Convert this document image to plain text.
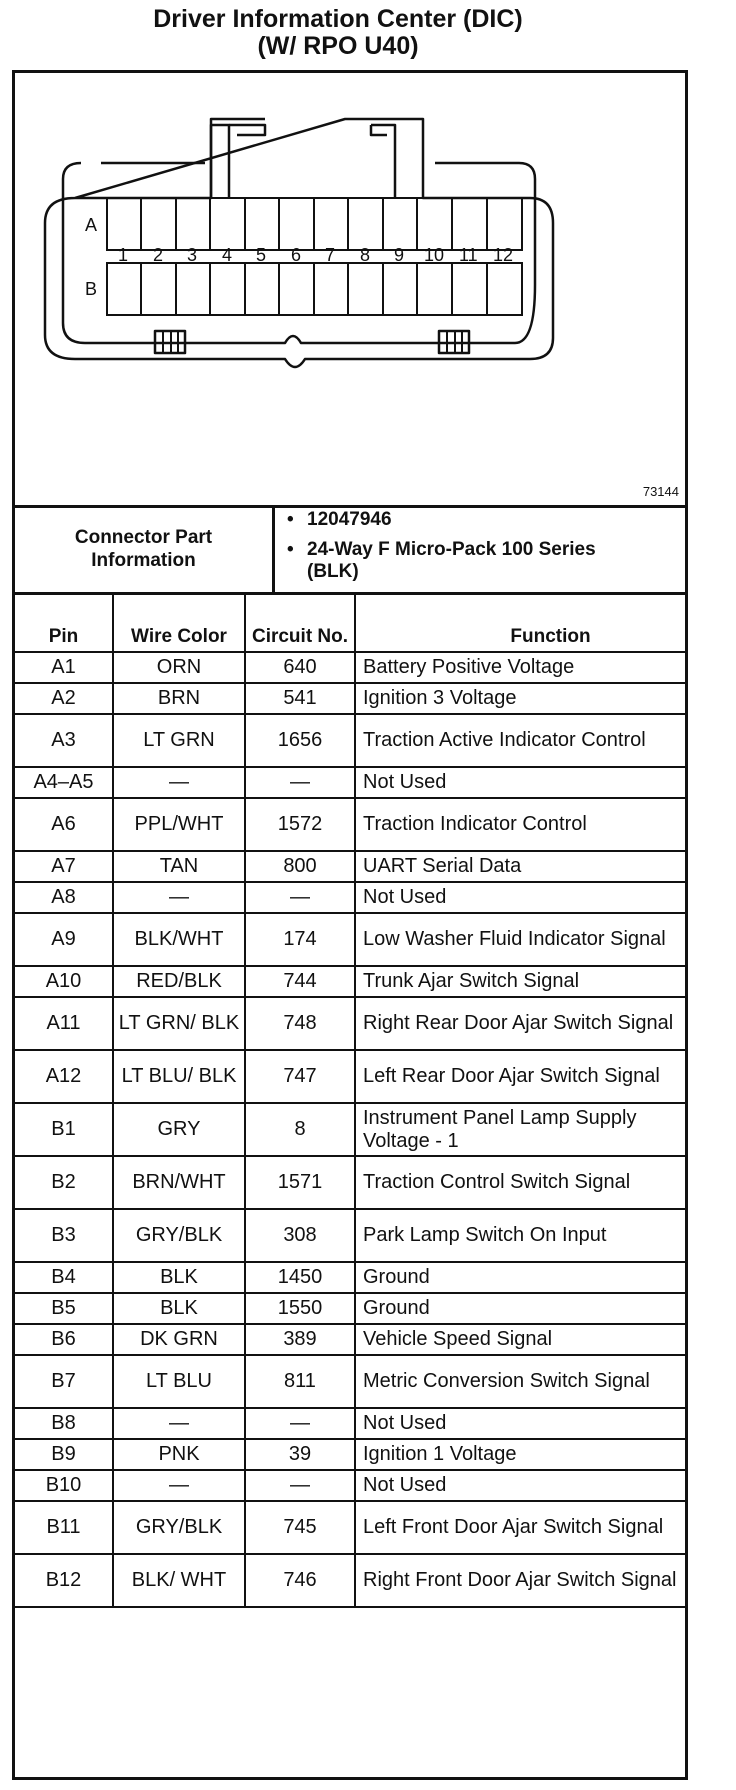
Driver Information Center (DIC)
(W/ RPO U40)
A
B
1 2 3 4 5 6 7 8 9 10 11 12
73144
Connector Part Information
• 12047946
• 24-Way F Micro-Pack 100 Series (BLK)
Pin	Wire Color	Circuit No.	Function
A1	ORN	640	Battery Positive Voltage
A2	BRN	541	Ignition 3 Voltage
A3	LT GRN	1656	Traction Active Indicator Control
A4–A5	—	—	Not Used
A6	PPL/WHT	1572	Traction Indicator Control
A7	TAN	800	UART Serial Data
A8	—	—	Not Used
A9	BLK/WHT	174	Low Washer Fluid Indicator Signal
A10	RED/BLK	744	Trunk Ajar Switch Signal
A11	LT GRN/ BLK	748	Right Rear Door Ajar Switch Signal
A12	LT BLU/ BLK	747	Left Rear Door Ajar Switch Signal
B1	GRY	8	Instrument Panel Lamp Supply Voltage - 1
B2	BRN/WHT	1571	Traction Control Switch Signal
B3	GRY/BLK	308	Park Lamp Switch On Input
B4	BLK	1450	Ground
B5	BLK	1550	Ground
B6	DK GRN	389	Vehicle Speed Signal
B7	LT BLU	811	Metric Conversion Switch Signal
B8	—	—	Not Used
B9	PNK	39	Ignition 1 Voltage
B10	—	—	Not Used
B11	GRY/BLK	745	Left Front Door Ajar Switch Signal
B12	BLK/ WHT	746	Right Front Door Ajar Switch Signal
